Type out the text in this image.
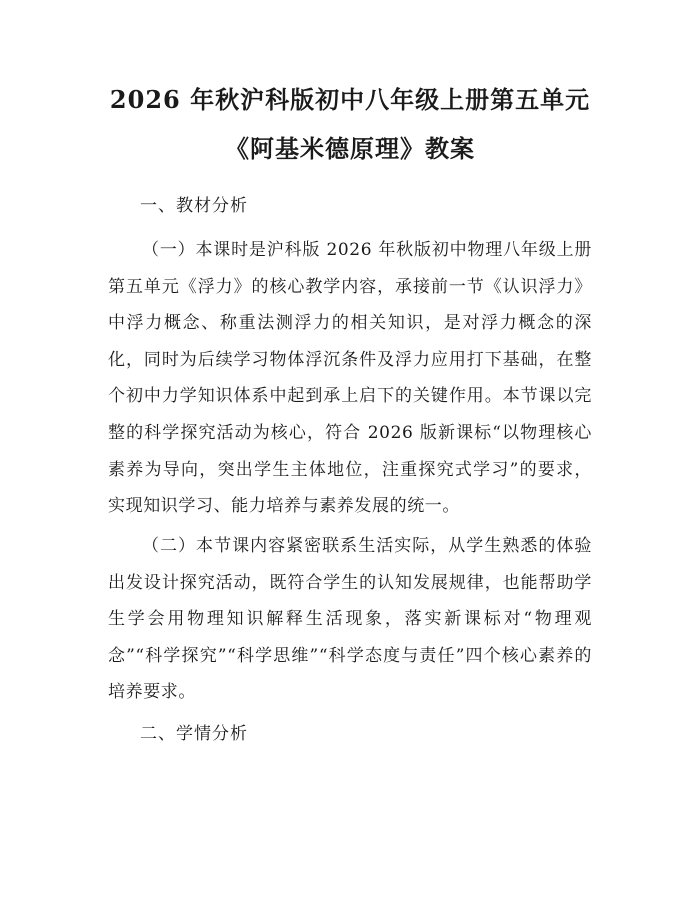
2026 年秋沪科版初中八年级上册第五单元
《阿基米德原理》教案
一、教材分析

（一）本课时是沪科版 2026 年秋版初中物理八年级上册第五单元《浮力》的核心教学内容，承接前一节《认识浮力》中浮力概念、称重法测浮力的相关知识，是对浮力概念的深化，同时为后续学习物体浮沉条件及浮力应用打下基础，在整个初中力学知识体系中起到承上启下的关键作用。本节课以完整的科学探究活动为核心，符合 2026 版新课标“以物理核心素养为导向，突出学生主体地位，注重探究式学习”的要求，实现知识学习、能力培养与素养发展的统一。

（二）本节课内容紧密联系生活实际，从学生熟悉的体验出发设计探究活动，既符合学生的认知发展规律，也能帮助学生学会用物理知识解释生活现象，落实新课标对“物理观念”“科学探究”“科学思维”“科学态度与责任”四个核心素养的培养要求。

二、学情分析
